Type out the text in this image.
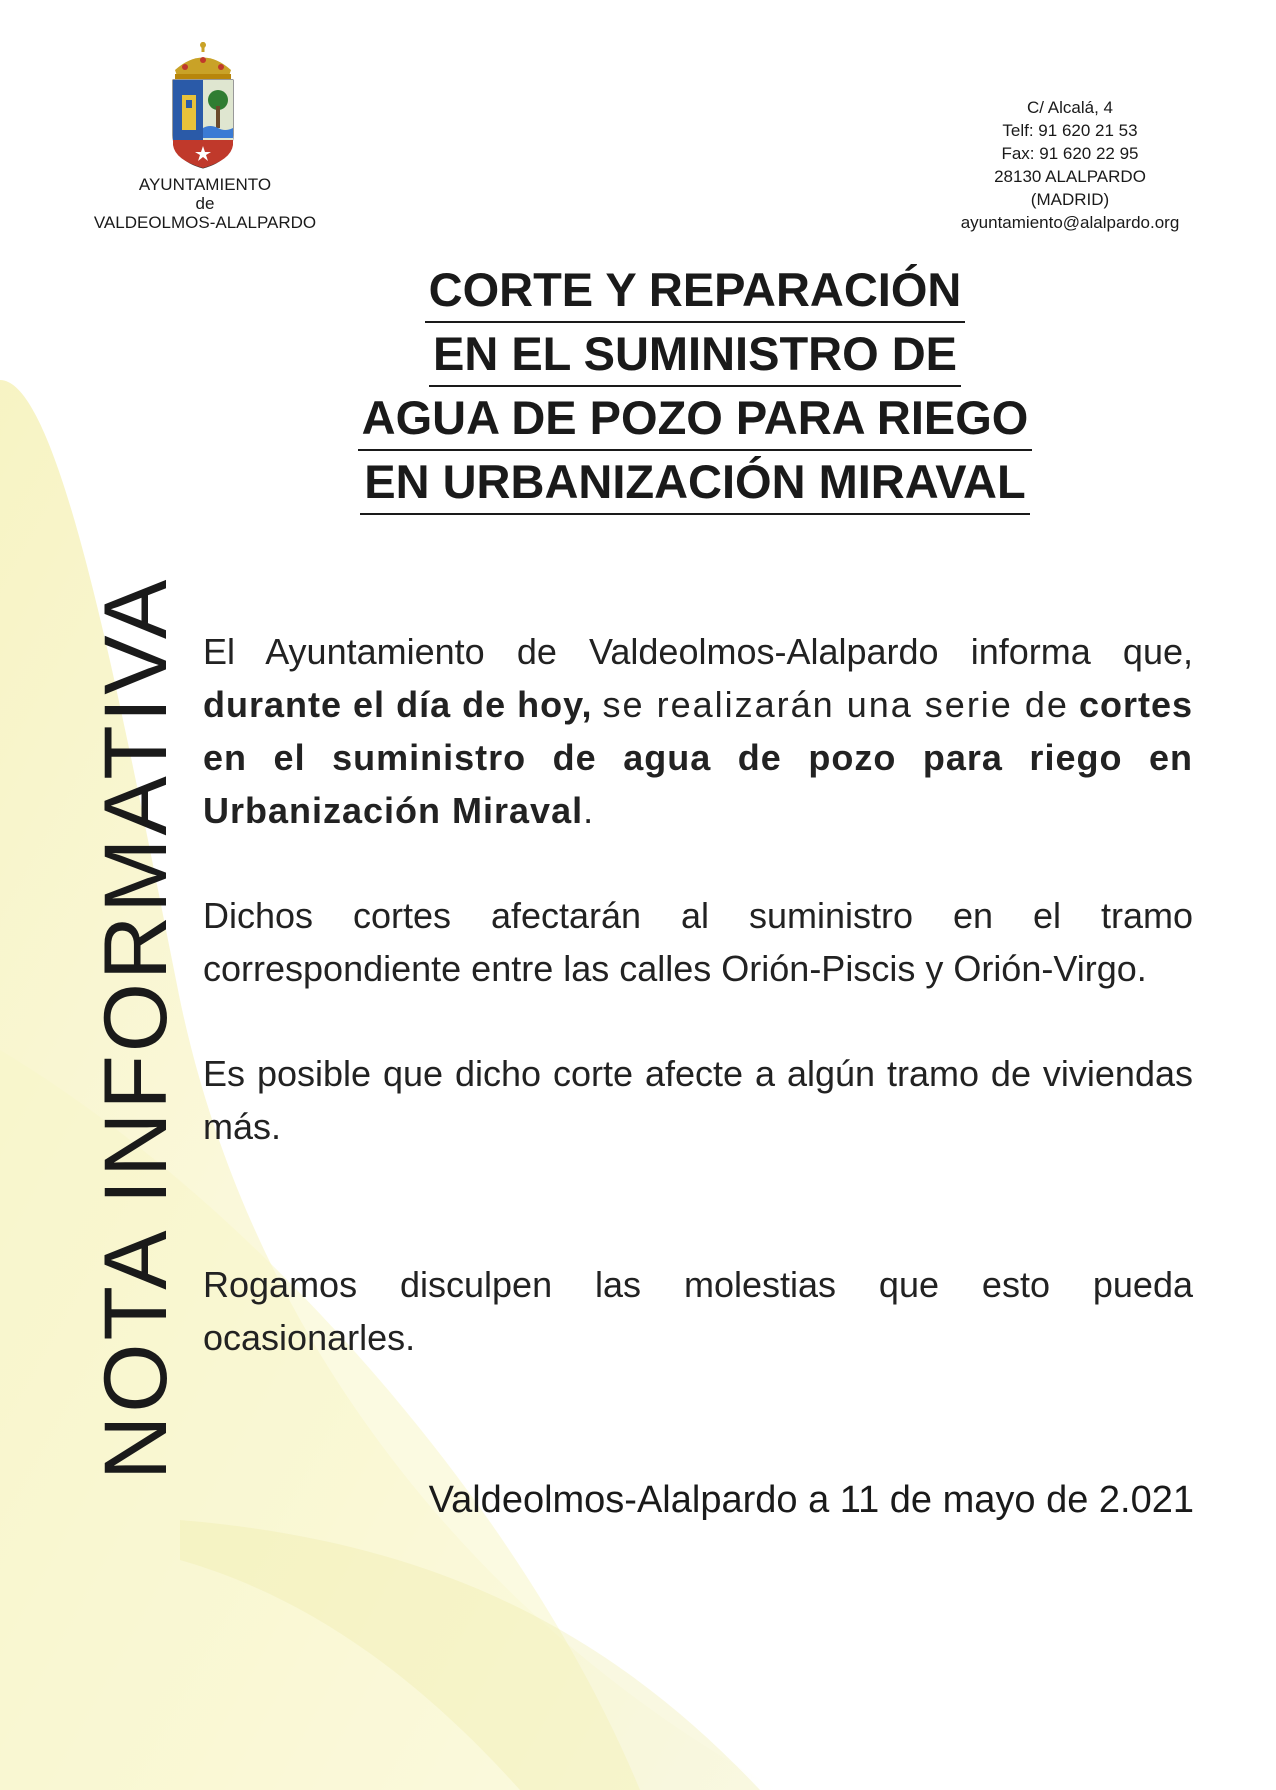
AYUNTAMIENTO
de
VALDEOLMOS-ALALPARDO
C/ Alcalá, 4
Telf: 91 620 21 53
Fax: 91 620 22 95
28130 ALALPARDO
(MADRID)
ayuntamiento@alalpardo.org
CORTE Y REPARACIÓN
EN EL SUMINISTRO DE
AGUA DE POZO PARA RIEGO
EN URBANIZACIÓN MIRAVAL
NOTA INFORMATIVA El Ayuntamiento de Valdeolmos-Alalpardo informa que, durante el día de hoy, se realizarán una serie de cortes en el suministro de agua de pozo para riego en Urbanización Miraval.

Dichos cortes afectarán al suministro en el tramo correspondiente entre las calles Orión-Piscis y Orión-Virgo.

Es posible que dicho corte afecte a algún tramo de viviendas más.

Rogamos disculpen las molestias que esto pueda ocasionarles.

Valdeolmos-Alalpardo a 11 de mayo de 2.021
